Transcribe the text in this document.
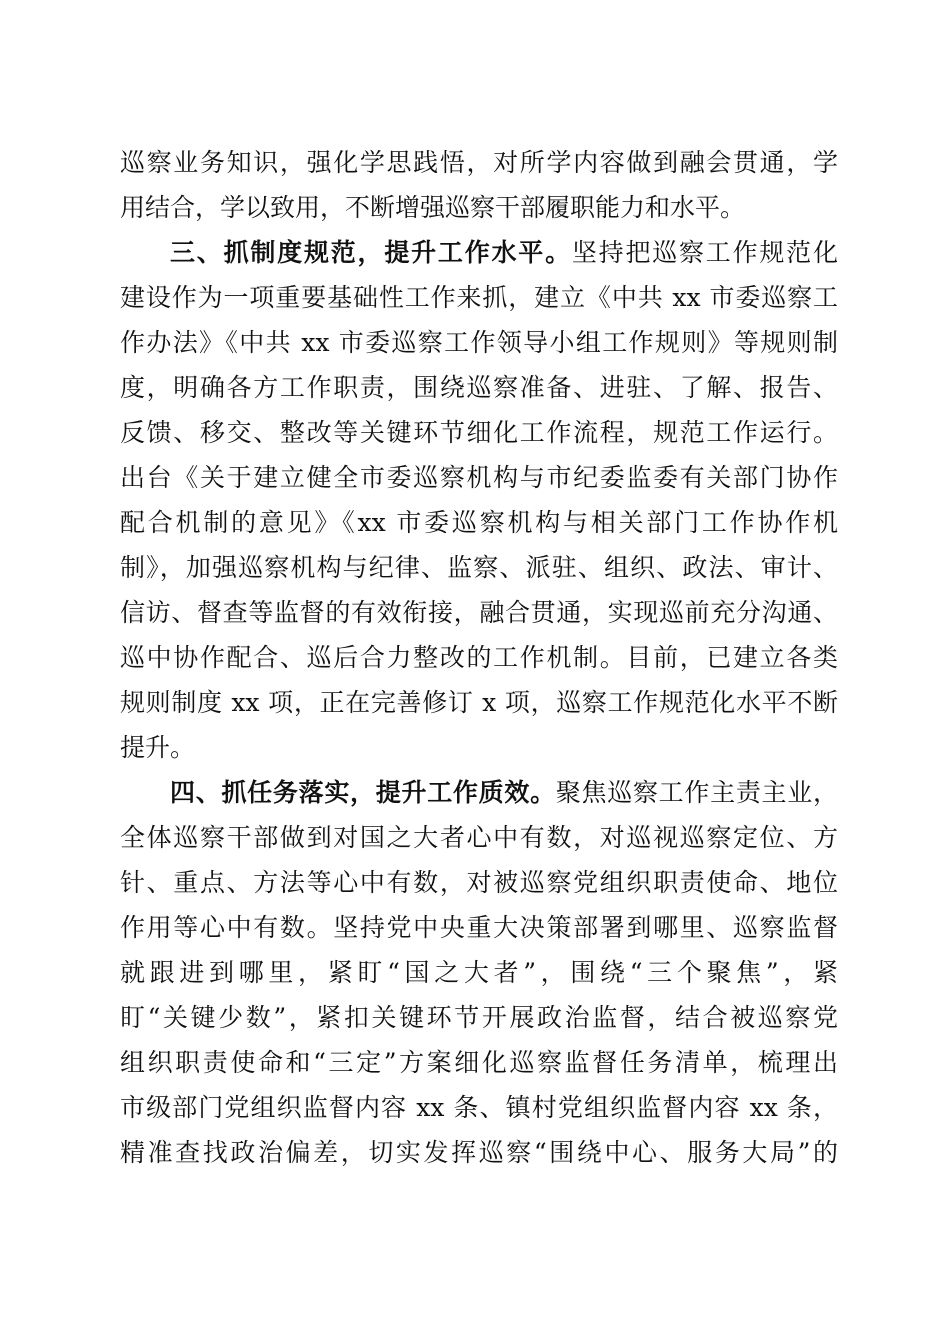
巡察业务知识，强化学思践悟，对所学内容做到融会贯通，学
用结合，学以致用，不断增强巡察干部履职能力和水平。
三、抓制度规范，提升工作水平。坚持把巡察工作规范化
建设作为一项重要基础性工作来抓，建立《中共 xx 市委巡察工
作办法》《中共 xx 市委巡察工作领导小组工作规则》等规则制
度，明确各方工作职责，围绕巡察准备、进驻、了解、报告、
反馈、移交、整改等关键环节细化工作流程，规范工作运行。
出台《关于建立健全市委巡察机构与市纪委监委有关部门协作
配合机制的意见》《xx 市委巡察机构与相关部门工作协作机
制》，加强巡察机构与纪律、监察、派驻、组织、政法、审计、
信访、督查等监督的有效衔接，融合贯通，实现巡前充分沟通、
巡中协作配合、巡后合力整改的工作机制。目前，已建立各类
规则制度 xx 项，正在完善修订 x 项，巡察工作规范化水平不断
提升。
四、抓任务落实，提升工作质效。聚焦巡察工作主责主业，
全体巡察干部做到对国之大者心中有数，对巡视巡察定位、方
针、重点、方法等心中有数，对被巡察党组织职责使命、地位
作用等心中有数。坚持党中央重大决策部署到哪里、巡察监督
就跟进到哪里，紧盯“国之大者”，围绕“三个聚焦”，紧
盯“关键少数”，紧扣关键环节开展政治监督，结合被巡察党
组织职责使命和“三定”方案细化巡察监督任务清单，梳理出
市级部门党组织监督内容 xx 条、镇村党组织监督内容 xx 条，
精准查找政治偏差，切实发挥巡察“围绕中心、服务大局”的
